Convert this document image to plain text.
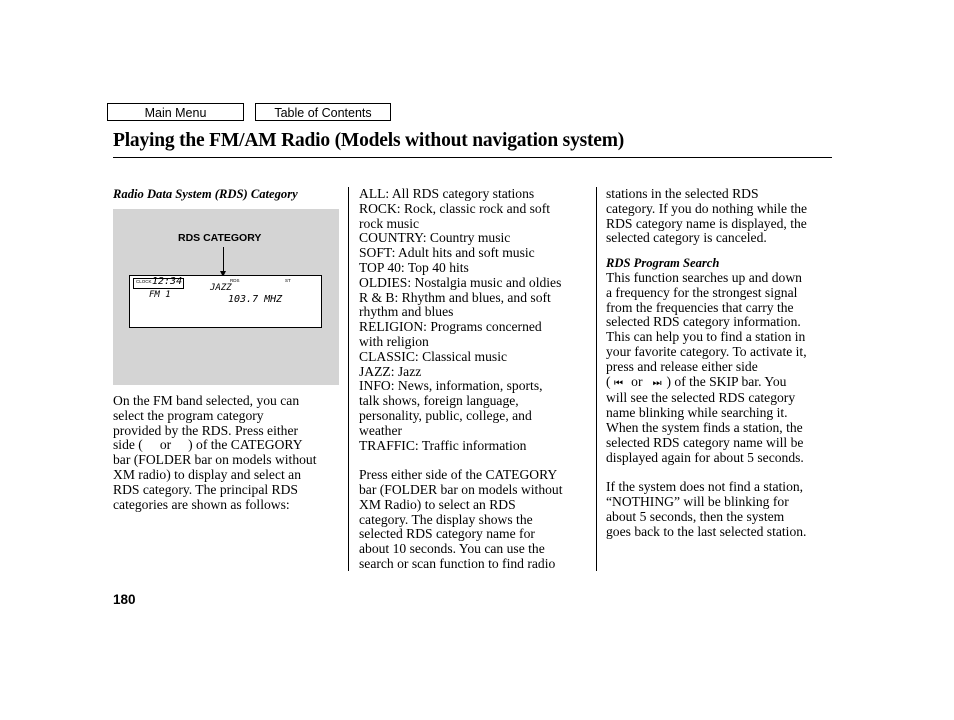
Main Menu	Table of Contents
Playing the FM/AM Radio (Models without navigation system)

Radio Data System (RDS) Category

RDS CATEGORY
CLOCK 12:34
FM 1
RDS	ST
JAZZ
103.7 MHZ

On the FM band selected, you can

select the program category

provided by the RDS. Press either

side (     or     ) of the CATEGORY

bar (FOLDER bar on models without

XM radio) to display and select an

RDS category. The principal RDS

categories are shown as follows:

ALL: All RDS category stations

ROCK: Rock, classic rock and soft

rock music

COUNTRY: Country music

SOFT: Adult hits and soft music

TOP 40: Top 40 hits

OLDIES: Nostalgia music and oldies

R & B: Rhythm and blues, and soft

rhythm and blues

RELIGION: Programs concerned

with religion

CLASSIC: Classical music

JAZZ: Jazz

INFO: News, information, sports,

talk shows, foreign language,

personality, public, college, and

weather

TRAFFIC: Traffic information

Press either side of the CATEGORY

bar (FOLDER bar on models without

XM Radio) to select an RDS

category. The display shows the

selected RDS category name for

about 10 seconds. You can use the

search or scan function to find radio

stations in the selected RDS

category. If you do nothing while the

RDS category name is displayed, the

selected category is canceled.

RDS Program Search

This function searches up and down

a frequency for the strongest signal

from the frequencies that carry the

selected RDS category information.

This can help you to find a station in

your favorite category. To activate it,

press and release either side

( ⏮ or ⏭ ) of the SKIP bar. You

will see the selected RDS category

name blinking while searching it.

When the system finds a station, the

selected RDS category name will be

displayed again for about 5 seconds.

If the system does not find a station,

“NOTHING” will be blinking for

about 5 seconds, then the system

goes back to the last selected station.

180
